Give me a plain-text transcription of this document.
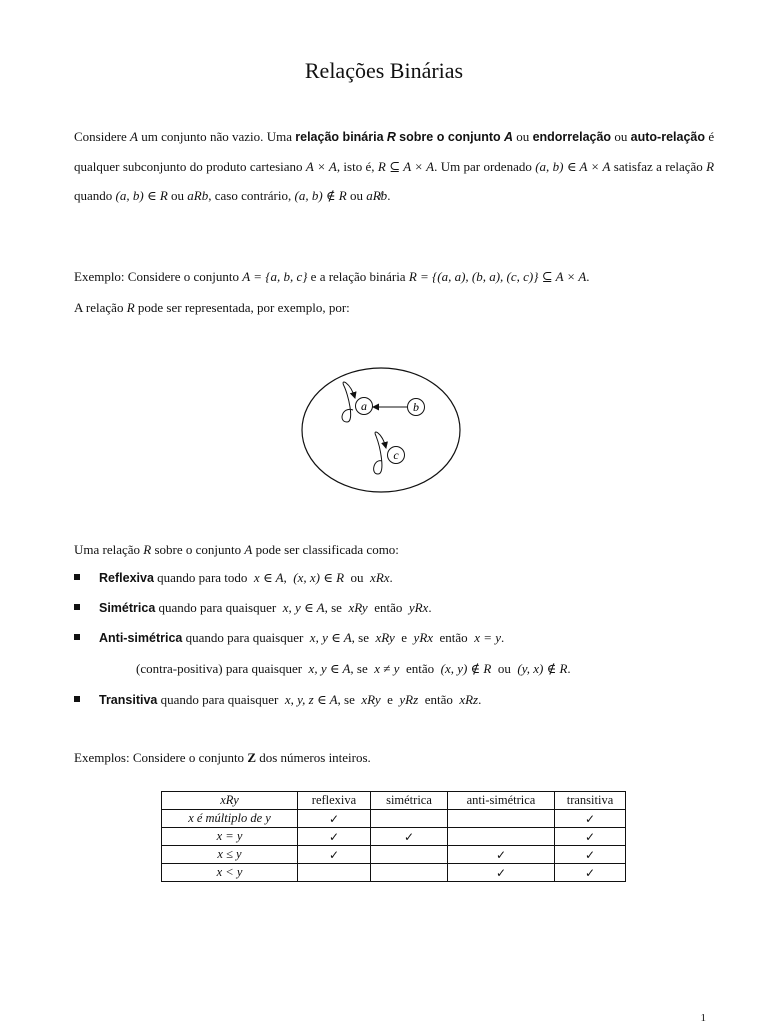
Relações Binárias
Considere A um conjunto não vazio. Uma relação binária R sobre o conjunto A ou endorrelação ou auto-relação é qualquer subconjunto do produto cartesiano A × A, isto é, R ⊆ A × A. Um par ordenado (a, b) ∈ A × A satisfaz a relação R quando (a, b) ∈ R ou aRb, caso contrário, (a, b) ∉ R ou aR̸b.
Exemplo: Considere o conjunto A = {a, b, c} e a relação binária R = {(a, a), (b, a), (c, c)} ⊆ A × A.
A relação R pode ser representada, por exemplo, por:
a	b
c
Uma relação R sobre o conjunto A pode ser classificada como:
Reflexiva quando para todo x ∈ A, (x, x) ∈ R ou xRx.
Simétrica quando para quaisquer x, y ∈ A, se xRy então yRx.
Anti-simétrica quando para quaisquer x, y ∈ A, se xRy e yRx então x = y.
(contra-positiva) para quaisquer x, y ∈ A, se x ≠ y então (x, y) ∉ R ou (y, x) ∉ R.
Transitiva quando para quaisquer x, y, z ∈ A, se xRy e yRz então xRz.
Exemplos: Considere o conjunto Z dos números inteiros.
xRy	reflexiva	simétrica	anti-simétrica	transitiva
x é múltiplo de y	✓			✓
x = y	✓	✓		✓
x ≤ y	✓		✓	✓
x < y			✓	✓
1
